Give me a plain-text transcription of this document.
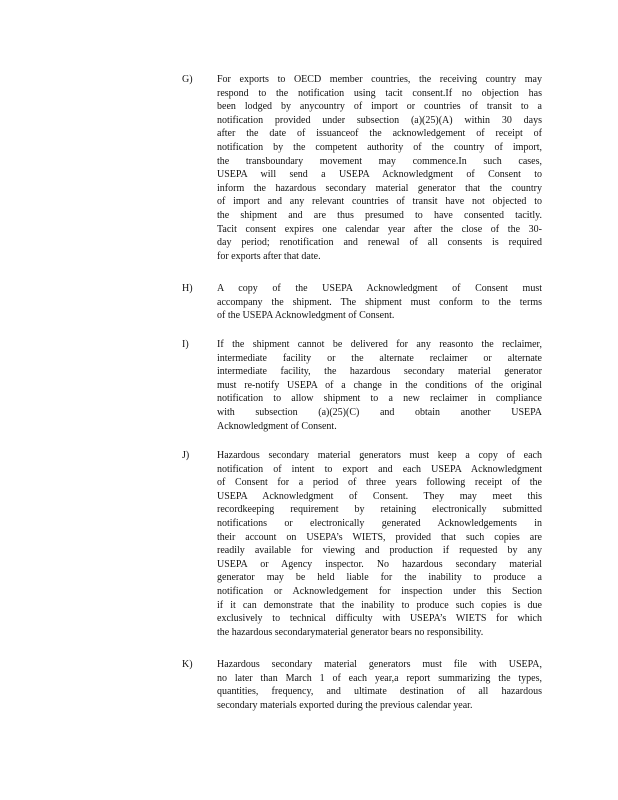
G) For exports to OECD member countries, the receiving country may
respond to the notification using tacit consent.If no objection has
been lodged by anycountry of import or countries of transit to a
notification provided under subsection (a)(25)(A) within 30 days
after the date of issuanceof the acknowledgement of receipt of
notification by the competent authority of the country of import,
the transboundary movement may commence.In such cases,
USEPA will send a USEPA Acknowledgment of Consent to
inform the hazardous secondary material generator that the country
of import and any relevant countries of transit have not objected to
the shipment and are thus presumed to have consented tacitly.
Tacit consent expires one calendar year after the close of the 30-
day period; renotification and renewal of all consents is required
for exports after that date.
H) A copy of the USEPA Acknowledgment of Consent must
accompany the shipment. The shipment must conform to the terms
of the USEPA Acknowledgment of Consent.
I)	If the shipment cannot be delivered for any reasonto the reclaimer,
intermediate facility or the alternate reclaimer or alternate
intermediate facility, the hazardous secondary material generator
must re-notify USEPA of a change in the conditions of the original
notification to allow shipment to a new reclaimer in compliance
with subsection (a)(25)(C) and obtain another USEPA
Acknowledgment of Consent.
J)	Hazardous secondary material generators must keep a copy of each
notification of intent to export and each USEPA Acknowledgment
of Consent for a period of three years following receipt of the
USEPA Acknowledgment of Consent. They may meet this
recordkeeping requirement by retaining electronically submitted
notifications or electronically generated Acknowledgements in
their account on USEPA’s WIETS, provided that such copies are
readily available for viewing and production if requested by any
USEPA or Agency inspector. No hazardous secondary material
generator may be held liable for the inability to produce a
notification or Acknowledgement for inspection under this Section
if it can demonstrate that the inability to produce such copies is due
exclusively to technical difficulty with USEPA’s WIETS for which
the hazardous secondarymaterial generator bears no responsibility.
K) Hazardous secondary material generators must file with USEPA,
no later than March 1 of each year,a report summarizing the types,
quantities, frequency, and ultimate destination of all hazardous
secondary materials exported during the previous calendar year.
